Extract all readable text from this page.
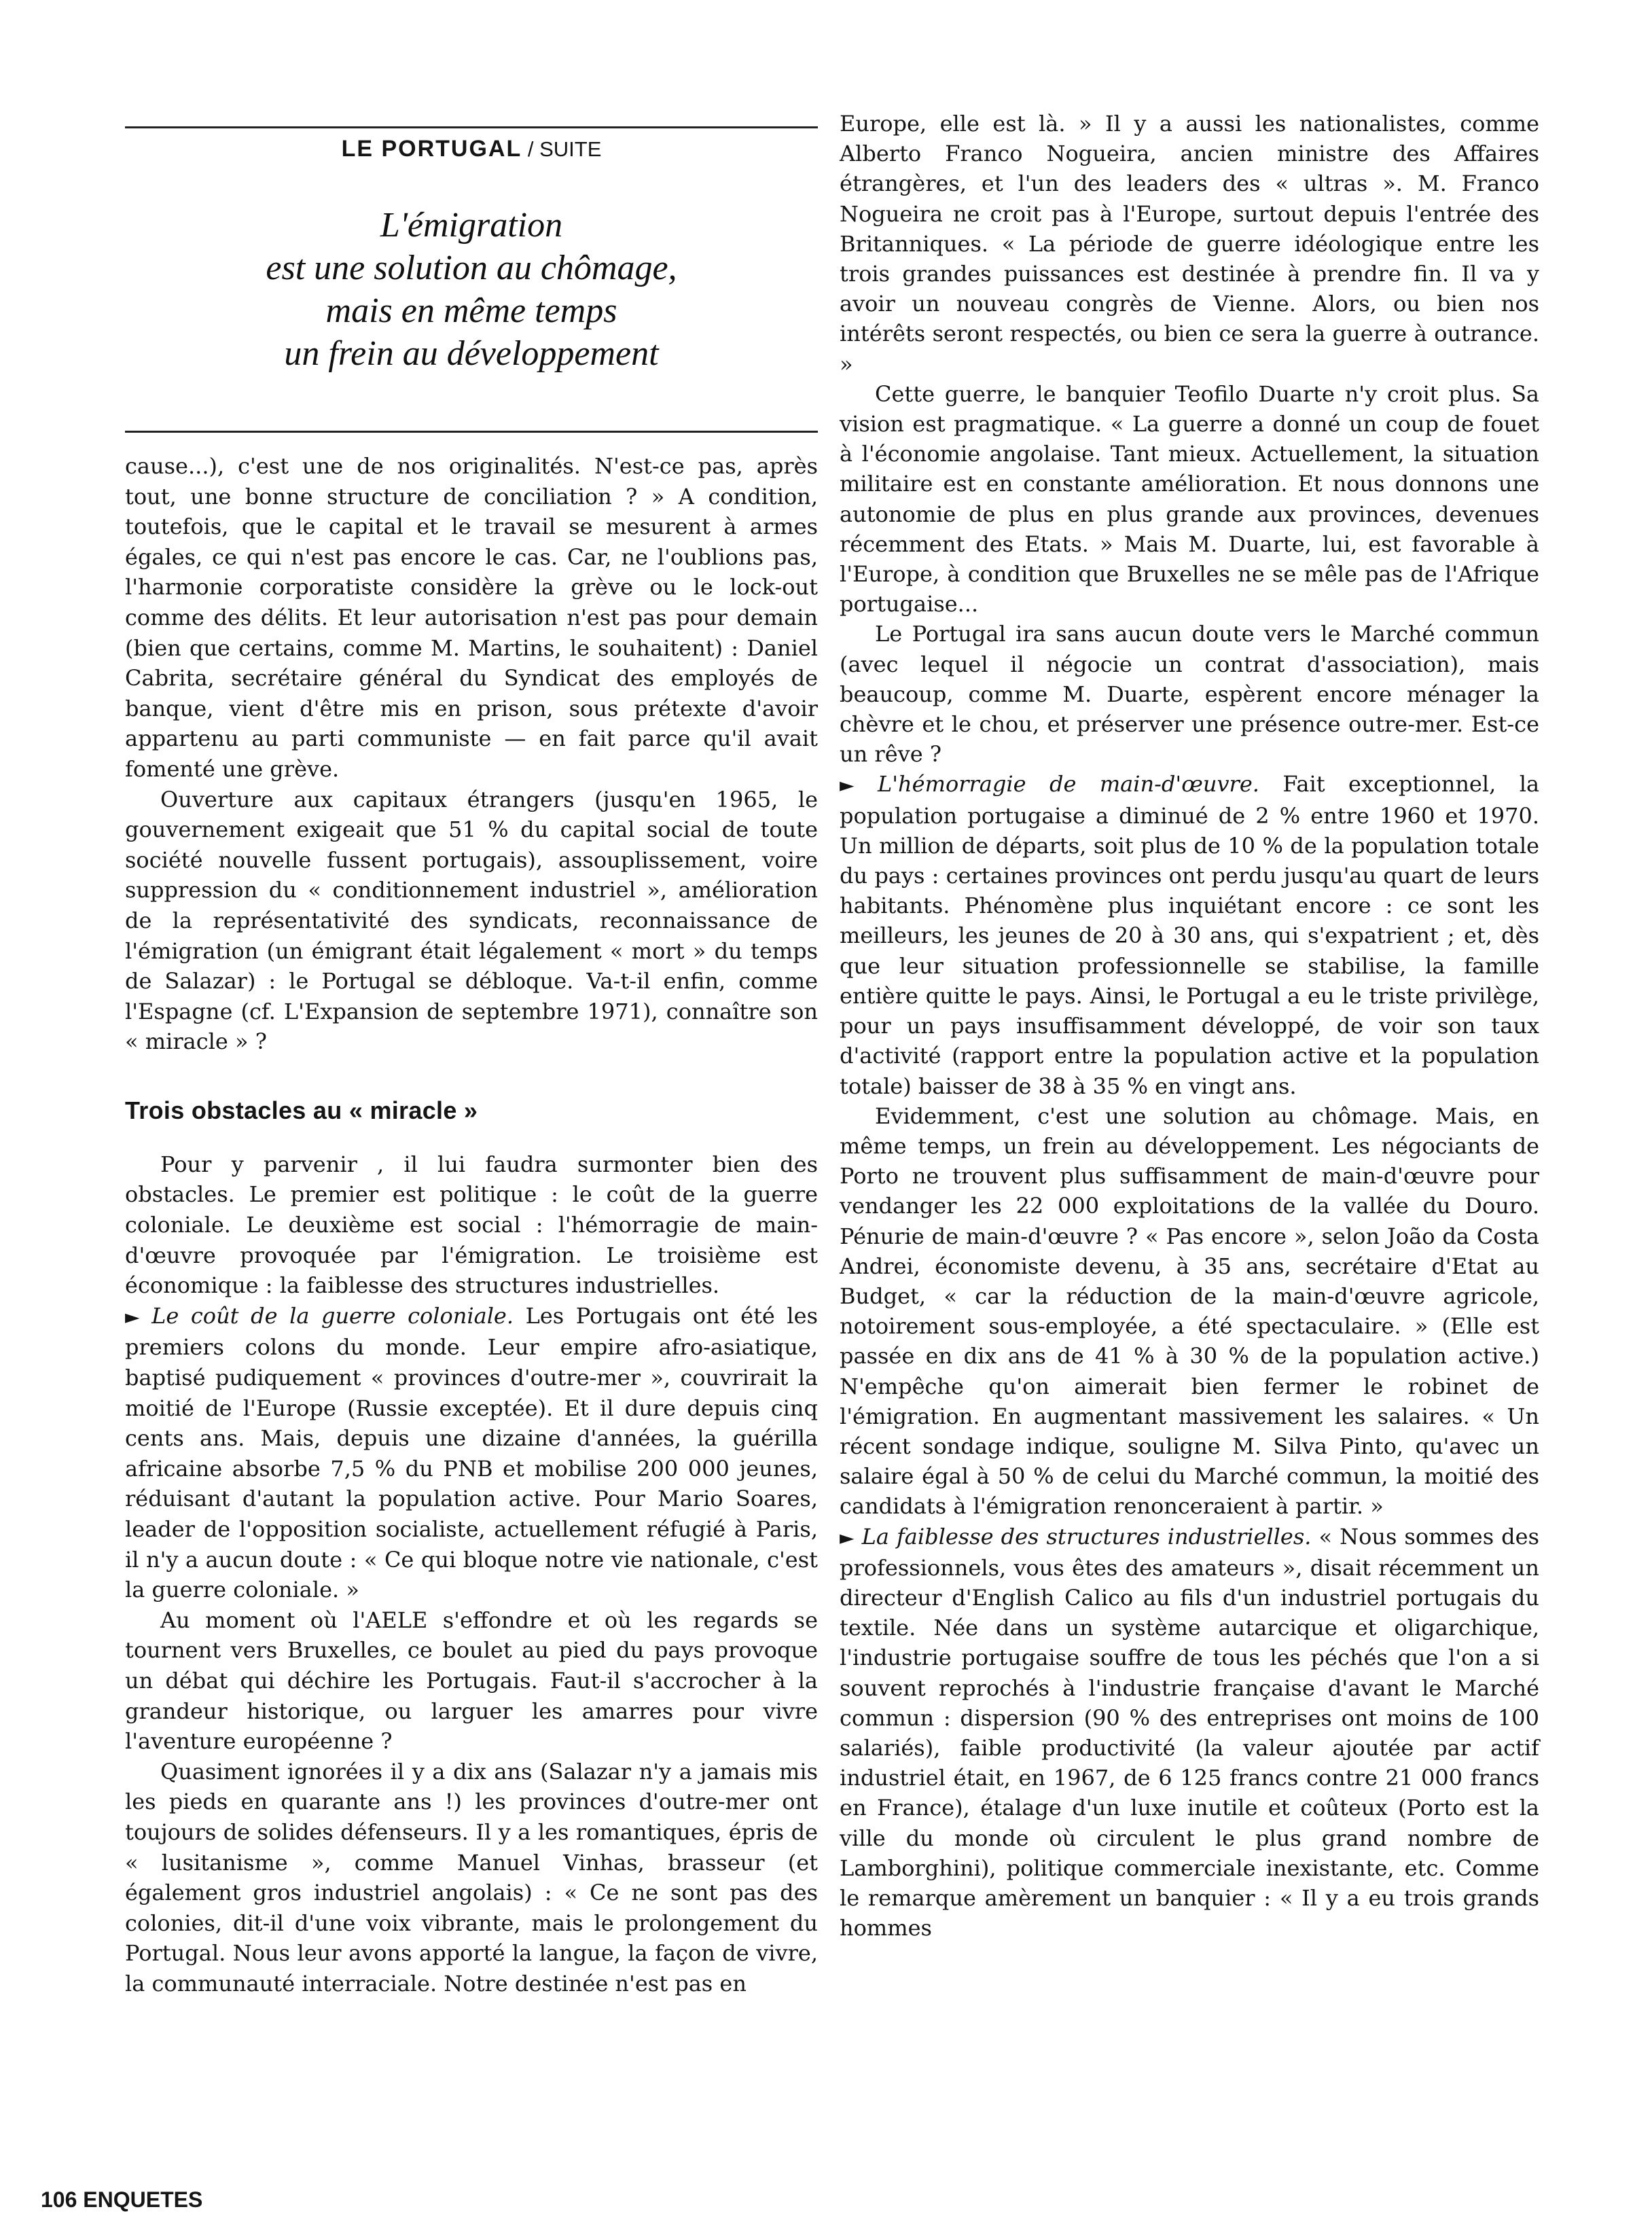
LE PORTUGAL / SUITE
L'émigration
est une solution au chômage,
mais en même temps
un frein au développement

cause...), c'est une de nos originalités. N'est-ce pas, après tout, une bonne structure de conciliation ? » A condition, toutefois, que le capital et le travail se mesurent à armes égales, ce qui n'est pas encore le cas. Car, ne l'oublions pas, l'harmonie corporatiste considère la grève ou le lock-out comme des délits. Et leur autorisation n'est pas pour demain (bien que certains, comme M. Martins, le souhaitent) : Daniel Cabrita, secrétaire général du Syndicat des employés de banque, vient d'être mis en prison, sous prétexte d'avoir appartenu au parti communiste — en fait parce qu'il avait fomenté une grève.

Ouverture aux capitaux étrangers (jusqu'en 1965, le gouvernement exigeait que 51 % du capital social de toute société nouvelle fussent portugais), assouplissement, voire suppression du « conditionnement industriel », amélioration de la représentativité des syndicats, reconnaissance de l'émigration (un émigrant était légalement « mort » du temps de Salazar) : le Portugal se débloque. Va-t-il enfin, comme l'Espagne (cf. L'Expansion de septembre 1971), connaître son « miracle » ?

Trois obstacles au « miracle »

Pour y parvenir , il lui faudra surmonter bien des obstacles. Le premier est politique : le coût de la guerre coloniale. Le deuxième est social : l'hémorragie de main-d'œuvre provoquée par l'émigration. Le troisième est économique : la faiblesse des structures industrielles.

► Le coût de la guerre coloniale. Les Portugais ont été les premiers colons du monde. Leur empire afro-asiatique, baptisé pudiquement « provinces d'outre-mer », couvrirait la moitié de l'Europe (Russie exceptée). Et il dure depuis cinq cents ans. Mais, depuis une dizaine d'années, la guérilla africaine absorbe 7,5 % du PNB et mobilise 200 000 jeunes, réduisant d'autant la population active. Pour Mario Soares, leader de l'opposition socialiste, actuellement réfugié à Paris, il n'y a aucun doute : « Ce qui bloque notre vie nationale, c'est la guerre coloniale. »

Au moment où l'AELE s'effondre et où les regards se tournent vers Bruxelles, ce boulet au pied du pays provoque un débat qui déchire les Portugais. Faut-il s'accrocher à la grandeur historique, ou larguer les amarres pour vivre l'aventure européenne ?

Quasiment ignorées il y a dix ans (Salazar n'y a jamais mis les pieds en quarante ans !) les provinces d'outre-mer ont toujours de solides défenseurs. Il y a les romantiques, épris de « lusitanisme », comme Manuel Vinhas, brasseur (et également gros industriel angolais) : « Ce ne sont pas des colonies, dit-il d'une voix vibrante, mais le prolongement du Portugal. Nous leur avons apporté la langue, la façon de vivre, la communauté interraciale. Notre destinée n'est pas en

Europe, elle est là. » Il y a aussi les nationalistes, comme Alberto Franco Nogueira, ancien ministre des Affaires étrangères, et l'un des leaders des « ultras ». M. Franco Nogueira ne croit pas à l'Europe, surtout depuis l'entrée des Britanniques. « La période de guerre idéologique entre les trois grandes puissances est destinée à prendre fin. Il va y avoir un nouveau congrès de Vienne. Alors, ou bien nos intérêts seront respectés, ou bien ce sera la guerre à outrance. »

Cette guerre, le banquier Teofilo Duarte n'y croit plus. Sa vision est pragmatique. « La guerre a donné un coup de fouet à l'économie angolaise. Tant mieux. Actuellement, la situation militaire est en constante amélioration. Et nous donnons une autonomie de plus en plus grande aux provinces, devenues récemment des Etats. » Mais M. Duarte, lui, est favorable à l'Europe, à condition que Bruxelles ne se mêle pas de l'Afrique portugaise...

Le Portugal ira sans aucun doute vers le Marché commun (avec lequel il négocie un contrat d'association), mais beaucoup, comme M. Duarte, espèrent encore ménager la chèvre et le chou, et préserver une présence outre-mer. Est-ce un rêve ?

► L'hémorragie de main-d'œuvre. Fait exceptionnel, la population portugaise a diminué de 2 % entre 1960 et 1970. Un million de départs, soit plus de 10 % de la population totale du pays : certaines provinces ont perdu jusqu'au quart de leurs habitants. Phénomène plus inquiétant encore : ce sont les meilleurs, les jeunes de 20 à 30 ans, qui s'expatrient ; et, dès que leur situation professionnelle se stabilise, la famille entière quitte le pays. Ainsi, le Portugal a eu le triste privilège, pour un pays insuffisamment développé, de voir son taux d'activité (rapport entre la population active et la population totale) baisser de 38 à 35 % en vingt ans.

Evidemment, c'est une solution au chômage. Mais, en même temps, un frein au développement. Les négociants de Porto ne trouvent plus suffisamment de main-d'œuvre pour vendanger les 22 000 exploitations de la vallée du Douro. Pénurie de main-d'œuvre ? « Pas encore », selon João da Costa Andrei, économiste devenu, à 35 ans, secrétaire d'Etat au Budget, « car la réduction de la main-d'œuvre agricole, notoirement sous-employée, a été spectaculaire. » (Elle est passée en dix ans de 41 % à 30 % de la population active.) N'empêche qu'on aimerait bien fermer le robinet de l'émigration. En augmentant massivement les salaires. « Un récent sondage indique, souligne M. Silva Pinto, qu'avec un salaire égal à 50 % de celui du Marché commun, la moitié des candidats à l'émigration renonceraient à partir. »

► La faiblesse des structures industrielles. « Nous sommes des professionnels, vous êtes des amateurs », disait récemment un directeur d'English Calico au fils d'un industriel portugais du textile. Née dans un système autarcique et oligarchique, l'industrie portugaise souffre de tous les péchés que l'on a si souvent reprochés à l'industrie française d'avant le Marché commun : dispersion (90 % des entreprises ont moins de 100 salariés), faible productivité (la valeur ajoutée par actif industriel était, en 1967, de 6 125 francs contre 21 000 francs en France), étalage d'un luxe inutile et coûteux (Porto est la ville du monde où circulent le plus grand nombre de Lamborghini), politique commerciale inexistante, etc. Comme le remarque amèrement un banquier : « Il y a eu trois grands hommes

106 ENQUETES
